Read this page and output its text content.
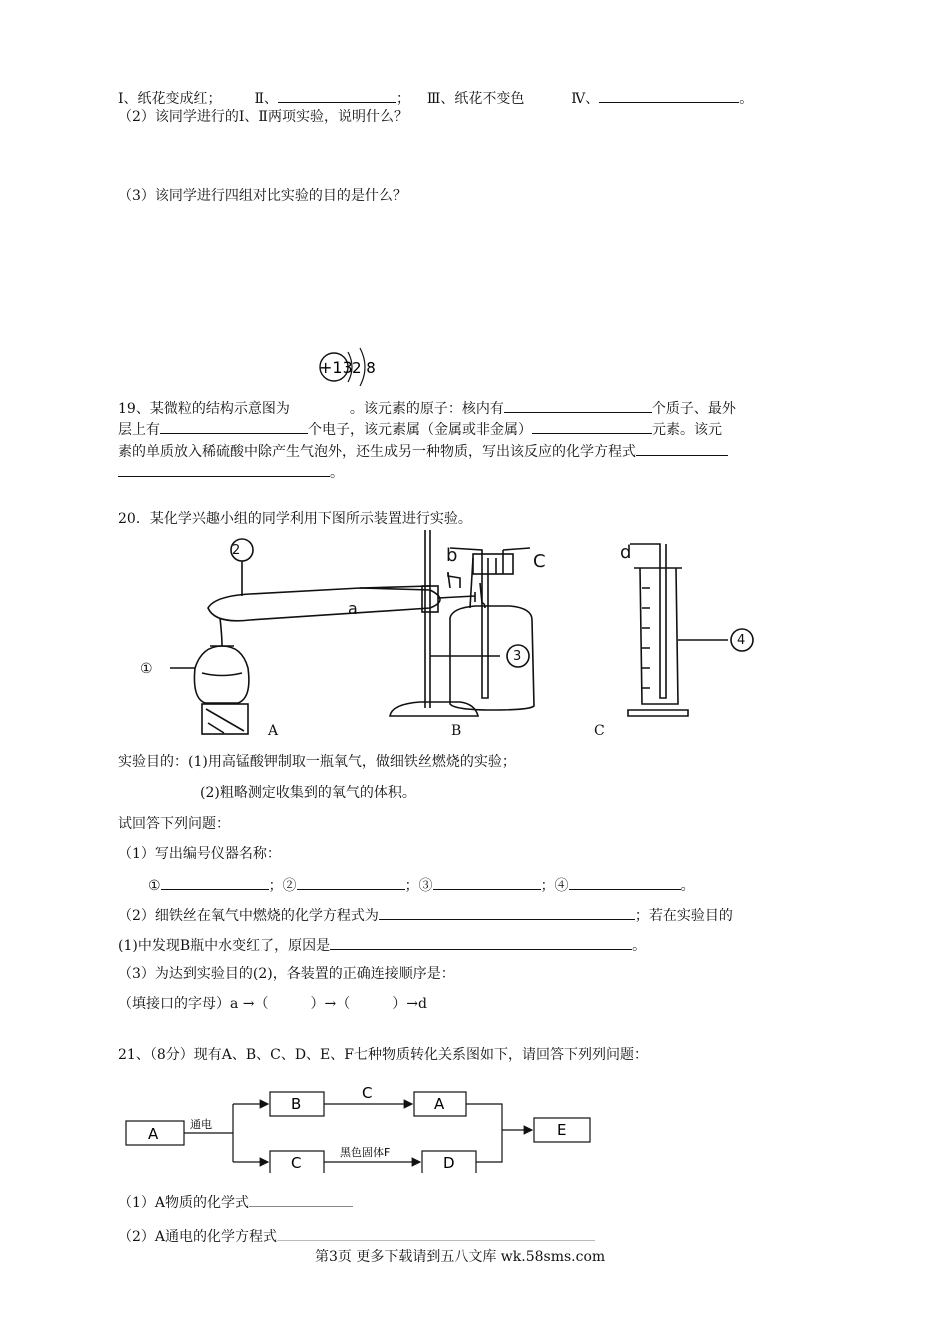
Ⅰ、纸花变成红； Ⅱ、	； Ⅲ、纸花不变色	Ⅳ、	。
（2）该同学进行的Ⅰ、Ⅱ两项实验，说明什么？
（3）该同学进行四组对比实验的目的是什么？
+13 2 8
19、某微粒的结构示意图为	。该元素的原子：核内有	个质子、最外
层上有	个电子，该元素属（金属或非金属）	元素。该元
素的单质放入稀硫酸中除产生气泡外，还生成另一种物质，写出该反应的化学方程式
。
20．某化学兴趣小组的同学利用下图所示装置进行实验。
2
3
①
4
a
b	C	d
A	B	C
实验目的：(1)用高锰酸钾制取一瓶氧气，做细铁丝燃烧的实验；
(2)粗略测定收集到的氧气的体积。
试回答下列问题：
（1）写出编号仪器名称：
①	；②	；③	；④	。
（2）细铁丝在氧气中燃烧的化学方程式为	；若在实验目的
(1)中发现B瓶中水变红了，原因是	。
（3）为达到实验目的(2)，各装置的正确连接顺序是：
（填接口的字母）a →（　　　）→（　　　）→d
21、（8分）现有A、B、C、D、E、F七种物质转化关系图如下，请回答下列列问题：
A
通电
B
C
C
黑色固体F
A
D
E
（1）A物质的化学式
（2）A通电的化学方程式
第3页 更多下载请到五八文库 wk.58sms.com
